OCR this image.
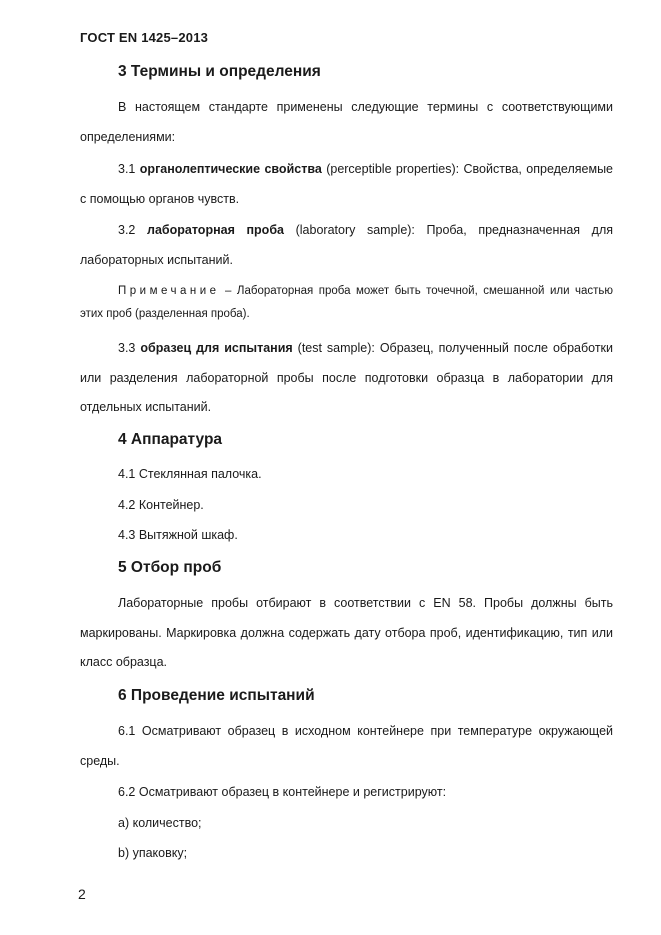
ГОСТ EN 1425–2013
3 Термины и определения
В настоящем стандарте применены следующие термины с соответствующими определениями:
3.1 органолептические свойства (perceptible properties): Свойства, определяемые с помощью органов чувств.
3.2 лабораторная проба (laboratory sample): Проба, предназначенная для лабораторных испытаний.
Примечание – Лабораторная проба может быть точечной, смешанной или частью этих проб (разделенная проба).
3.3 образец для испытания (test sample): Образец, полученный после обработки или разделения лабораторной пробы после подготовки образца в лаборатории для отдельных испытаний.
4 Аппаратура
4.1 Стеклянная палочка.
4.2 Контейнер.
4.3 Вытяжной шкаф.
5 Отбор проб
Лабораторные пробы отбирают в соответствии с EN 58. Пробы должны быть маркированы. Маркировка должна содержать дату отбора проб, идентификацию, тип или класс образца.
6 Проведение испытаний
6.1 Осматривают образец в исходном контейнере при температуре окружающей среды.
6.2 Осматривают образец в контейнере и регистрируют:
а) количество;
b) упаковку;
2
